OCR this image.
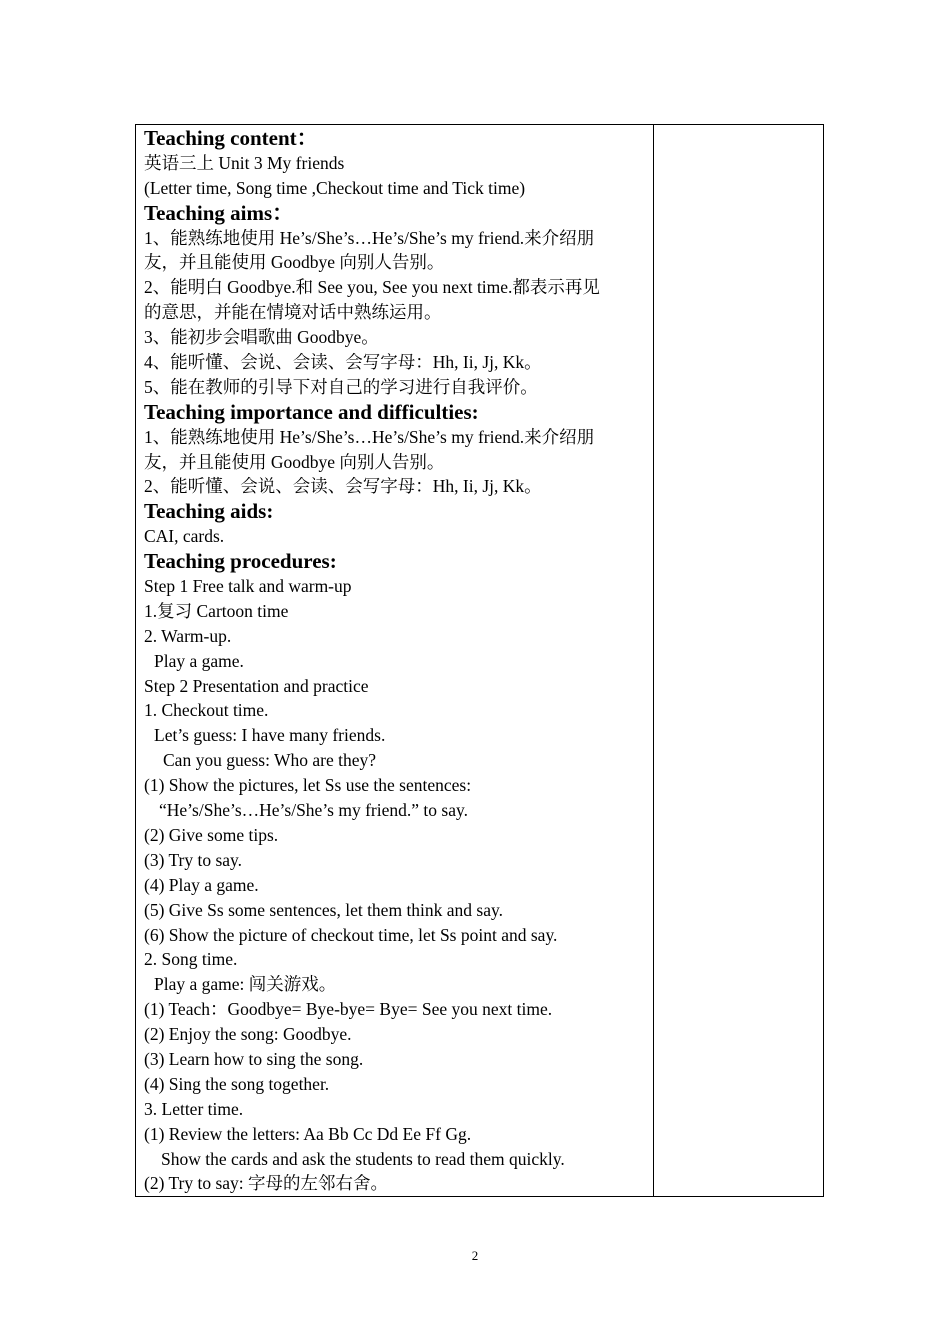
Teaching content：
英语三上 Unit 3 My friends
(Letter time, Song time ,Checkout time and Tick time)
Teaching aims：
1、能熟练地使用 He’s/She’s…He’s/She’s my friend.来介绍朋
友，并且能使用 Goodbye 向别人告别。
2、能明白 Goodbye.和 See you, See you next time.都表示再见
的意思，并能在情境对话中熟练运用。
3、能初步会唱歌曲 Goodbye。
4、能听懂、会说、会读、会写字母：Hh, Ii, Jj, Kk。
5、能在教师的引导下对自己的学习进行自我评价。
Teaching importance and difficulties:
1、能熟练地使用 He’s/She’s…He’s/She’s my friend.来介绍朋
友，并且能使用 Goodbye 向别人告别。
2、能听懂、会说、会读、会写字母：Hh, Ii, Jj, Kk。
Teaching aids:
CAI, cards.
Teaching procedures:
Step 1 Free talk and warm-up
1.复习 Cartoon time
2. Warm-up.
Play a game.
Step 2 Presentation and practice
1. Checkout time.
Let’s guess: I have many friends.
Can you guess: Who are they?
(1) Show the pictures, let Ss use the sentences:
“He’s/She’s…He’s/She’s my friend.” to say.
(2) Give some tips.
(3) Try to say.
(4) Play a game.
(5) Give Ss some sentences, let them think and say.
(6) Show the picture of checkout time, let Ss point and say.
2. Song time.
Play a game: 闯关游戏。
(1) Teach：Goodbye= Bye-bye= Bye= See you next time.
(2) Enjoy the song: Goodbye.
(3) Learn how to sing the song.
(4) Sing the song together.
3. Letter time.
(1) Review the letters: Aa Bb Cc Dd Ee Ff Gg.
Show the cards and ask the students to read them quickly.
(2) Try to say: 字母的左邻右舍。

2
